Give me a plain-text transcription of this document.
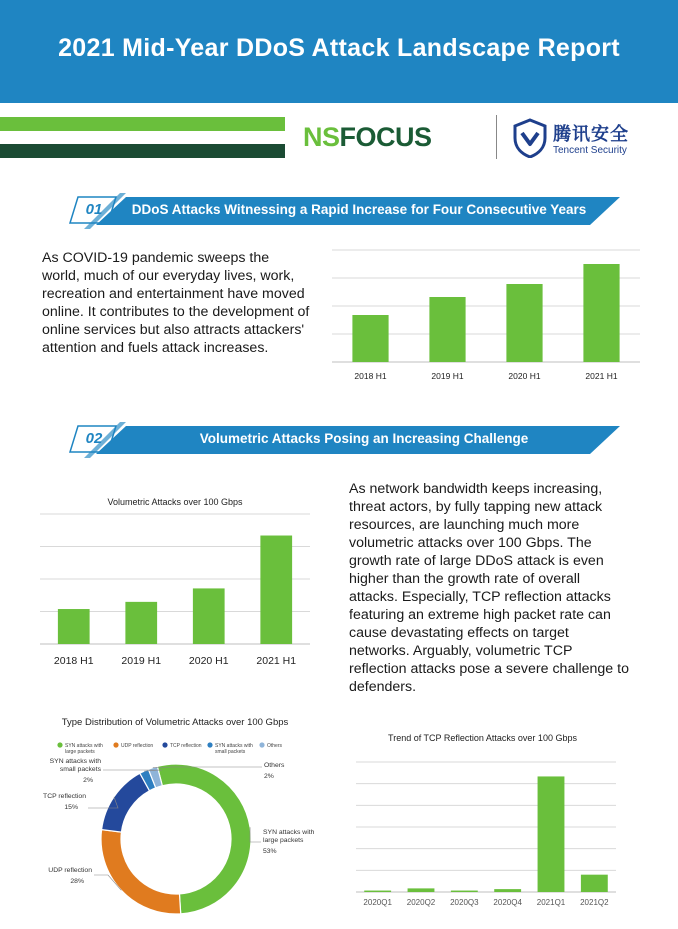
2021 Mid-Year DDoS Attack Landscape Report
NSFOCUS	腾讯安全
Tencent Security
01	DDoS Attacks Witnessing a Rapid Increase for Four Consecutive Years
As COVID-19 pandemic sweeps the world, much of our everyday lives, work, recreation and entertainment have moved online. It contributes to the development of online services but also attracts attackers' attention and fuels attack increases.
2018 H1	2019 H1	2020 H1	2021 H1
02	Volumetric Attacks Posing an Increasing Challenge
Volumetric Attacks over 100 Gbps
2018 H1	2019 H1	2020 H1	2021 H1
As network bandwidth keeps increasing, threat actors, by fully tapping new attack resources, are launching much more volumetric attacks over 100 Gbps. The growth rate of large DDoS attack is even higher than the growth rate of overall attacks. Especially, TCP reflection attacks featuring an extreme high packet rate can cause devastating effects on target networks. Arguably, volumetric TCP reflection attacks pose a severe challenge to defenders.
Type Distribution of Volumetric Attacks over 100 Gbps
SYN attacks with
large packets
UDP reflection	TCP reflection	SYN attacks with
small packets
Others
SYN attacks with
large packets
53%
UDP reflection
28%
TCP reflection
15%
SYN attacks with
small packets
2%
Others
2%
Trend of TCP Reflection Attacks over 100 Gbps
2020Q1 2020Q2 2020Q3 2020Q4 2021Q1 2021Q2
